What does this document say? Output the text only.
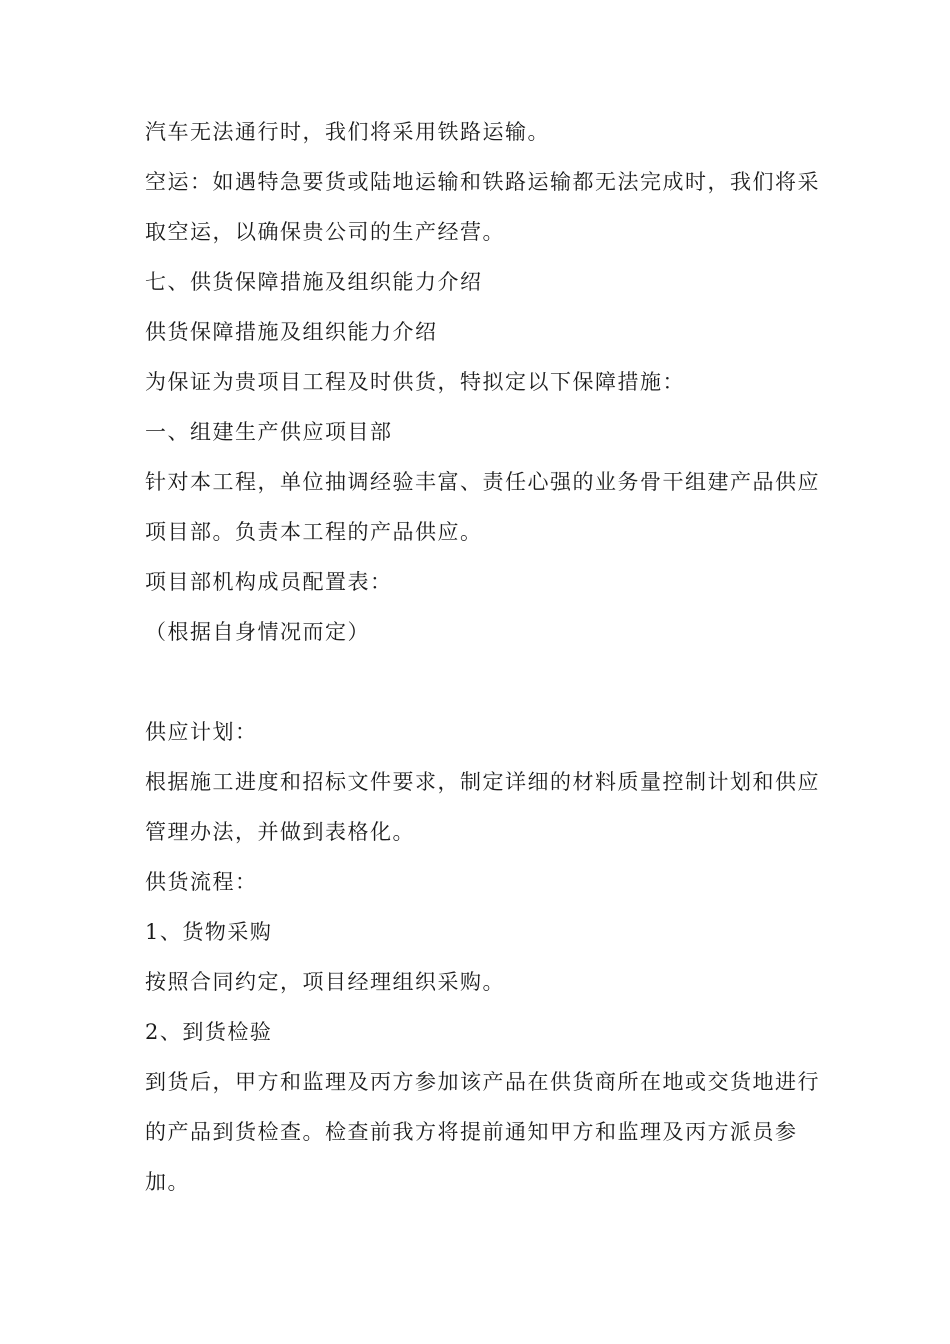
汽车无法通行时，我们将采用铁路运输。
空运：如遇特急要货或陆地运输和铁路运输都无法完成时，我们将采
取空运，以确保贵公司的生产经营。
七、供货保障措施及组织能力介绍
供货保障措施及组织能力介绍
为保证为贵项目工程及时供货，特拟定以下保障措施：
一、组建生产供应项目部
针对本工程，单位抽调经验丰富、责任心强的业务骨干组建产品供应
项目部。负责本工程的产品供应。
项目部机构成员配置表：
（根据自身情况而定）
供应计划：
根据施工进度和招标文件要求，制定详细的材料质量控制计划和供应
管理办法，并做到表格化。
供货流程：
1、货物采购
按照合同约定，项目经理组织采购。
2、到货检验
到货后，甲方和监理及丙方参加该产品在供货商所在地或交货地进行
的产品到货检查。检查前我方将提前通知甲方和监理及丙方派员参
加。
